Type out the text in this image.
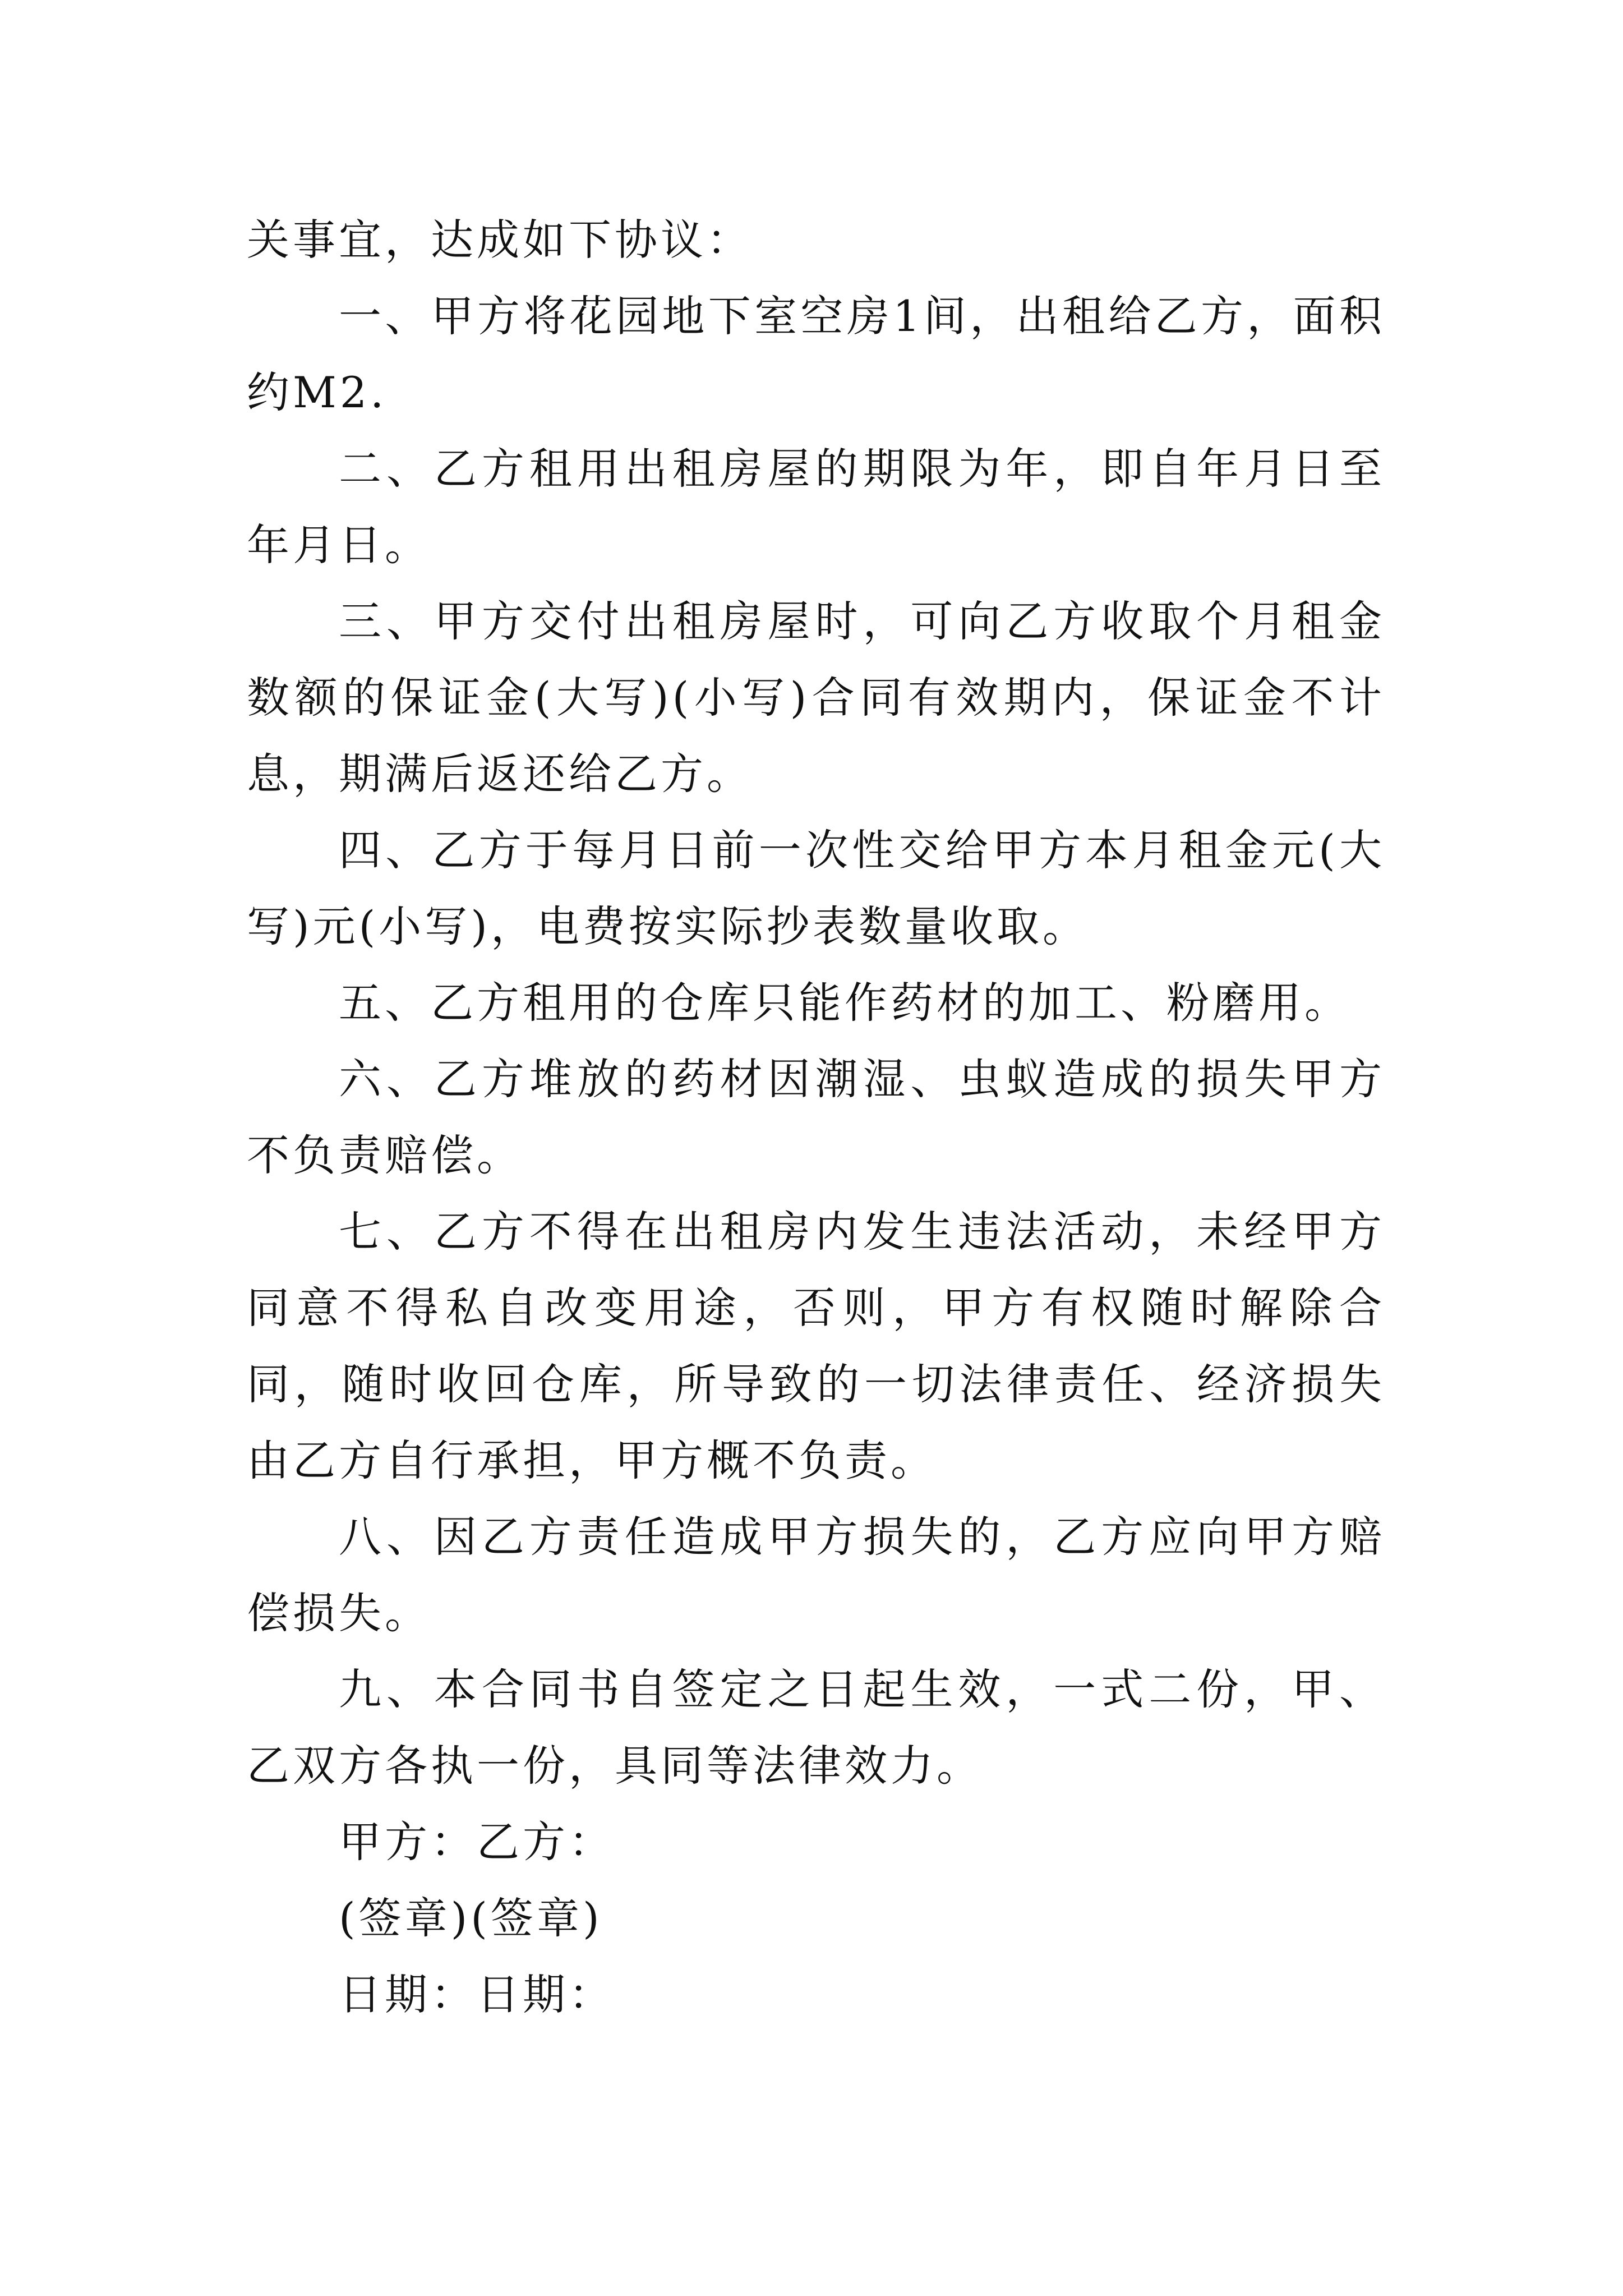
关事宜，达成如下协议：

一、甲方将花园地下室空房1间，出租给乙方，面积约M2.

二、乙方租用出租房屋的期限为年，即自年月日至年月日。

三、甲方交付出租房屋时，可向乙方收取个月租金数额的保证金(大写)(小写)合同有效期内，保证金不计息，期满后返还给乙方。

四、乙方于每月日前一次性交给甲方本月租金元(大写)元(小写)，电费按实际抄表数量收取。

五、乙方租用的仓库只能作药材的加工、粉磨用。

六、乙方堆放的药材因潮湿、虫蚁造成的损失甲方不负责赔偿。

七、乙方不得在出租房内发生违法活动，未经甲方同意不得私自改变用途，否则，甲方有权随时解除合同，随时收回仓库，所导致的一切法律责任、经济损失由乙方自行承担，甲方概不负责。

八、因乙方责任造成甲方损失的，乙方应向甲方赔偿损失。

九、本合同书自签定之日起生效，一式二份，甲、乙双方各执一份，具同等法律效力。

甲方：乙方：

(签章)(签章)

日期：日期：
